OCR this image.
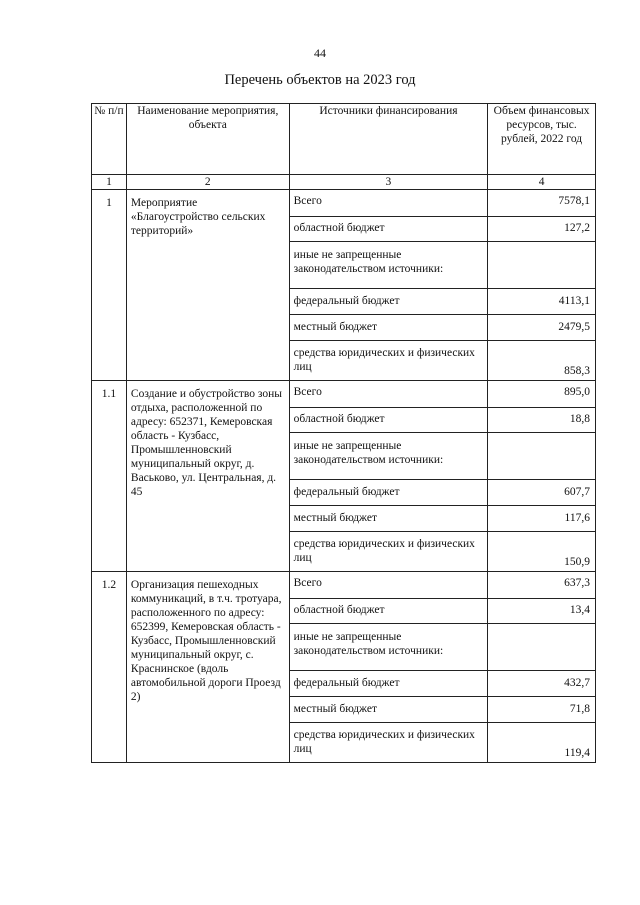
44
Перечень объектов на 2023 год
№ п/п	Наименование мероприятия, объекта	Источники финансирования	Объем финансовых ресурсов, тыс. рублей, 2022 год
1	2	3	4
1	Мероприятие «Благоустройство сельских территорий»	Всего	7578,1
		областной бюджет	127,2
		иные не запрещенные законодательством источники:	
		федеральный бюджет	4113,1
		местный бюджет	2479,5
		средства юридических и физических лиц	858,3
1.1	Создание и обустройство зоны отдыха, расположенной по адресу: 652371, Кемеровская область - Кузбасс, Промышленновский муниципальный округ, д. Васьково, ул. Центральная, д. 45	Всего	895,0
		областной бюджет	18,8
		иные не запрещенные законодательством источники:	
		федеральный бюджет	607,7
		местный бюджет	117,6
		средства юридических и физических лиц	150,9
1.2	Организация пешеходных коммуникаций, в т.ч. тротуара, расположенного по адресу: 652399, Кемеровская область - Кузбасс, Промышленновский муниципальный округ, с. Краснинское (вдоль автомобильной дороги Проезд 2)	Всего	637,3
		областной бюджет	13,4
		иные не запрещенные законодательством источники:	
		федеральный бюджет	432,7
		местный бюджет	71,8
		средства юридических и физических лиц	119,4
